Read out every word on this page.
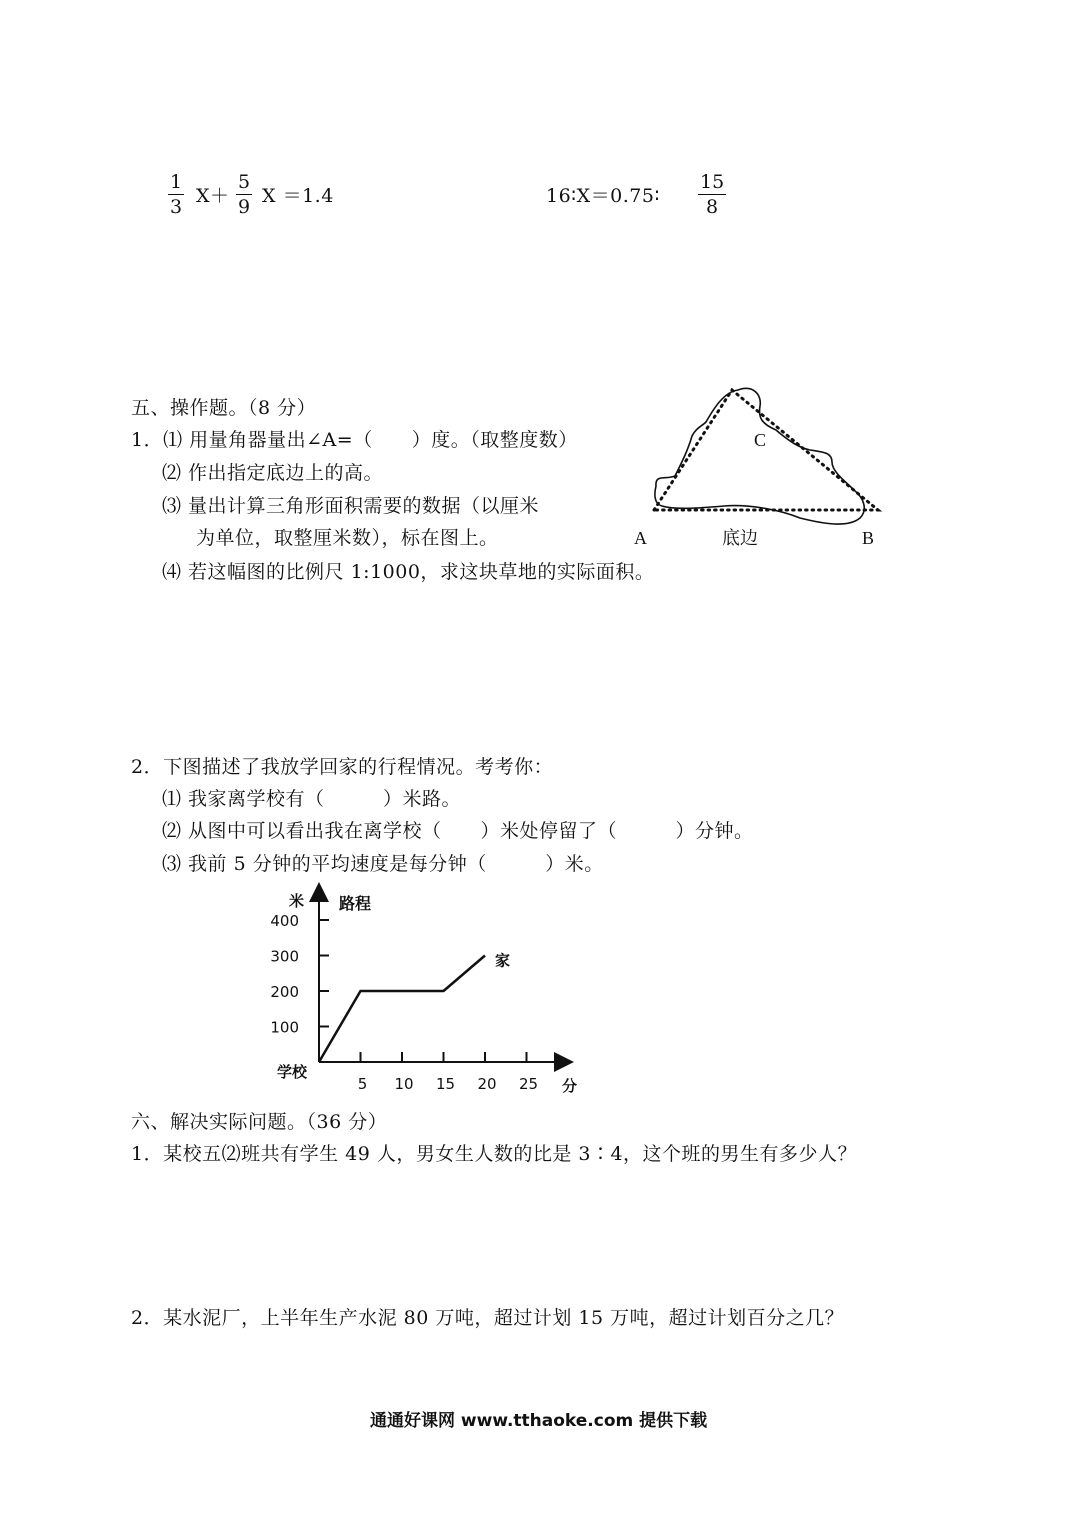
1
3 X＋
5
9 X ＝1.4	16∶X＝0.75∶
15
8
五、操作题。（8 分）
1．⑴ 用量角器量出∠A=（　　）度。（取整度数）
⑵ 作出指定底边上的高。
⑶ 量出计算三角形面积需要的数据（以厘米
为单位，取整厘米数），标在图上。
⑷ 若这幅图的比例尺 1:1000，求这块草地的实际面积。
C
A	底边	B
2．下图描述了我放学回家的行程情况。考考你：
⑴ 我家离学校有（　　　）米路。
⑵ 从图中可以看出我在离学校（　　）米处停留了（　　　）分钟。
⑶ 我前 5 分钟的平均速度是每分钟（　　　）米。
100
200
300
400
5 10 15 20 25
米 路程
分
学校
家
六、解决实际问题。（36 分）
1．某校五⑵班共有学生 49 人，男女生人数的比是 3∶4，这个班的男生有多少人？
2．某水泥厂，上半年生产水泥 80 万吨，超过计划 15 万吨，超过计划百分之几？
通通好课网 www.tthaoke.com 提供下载
